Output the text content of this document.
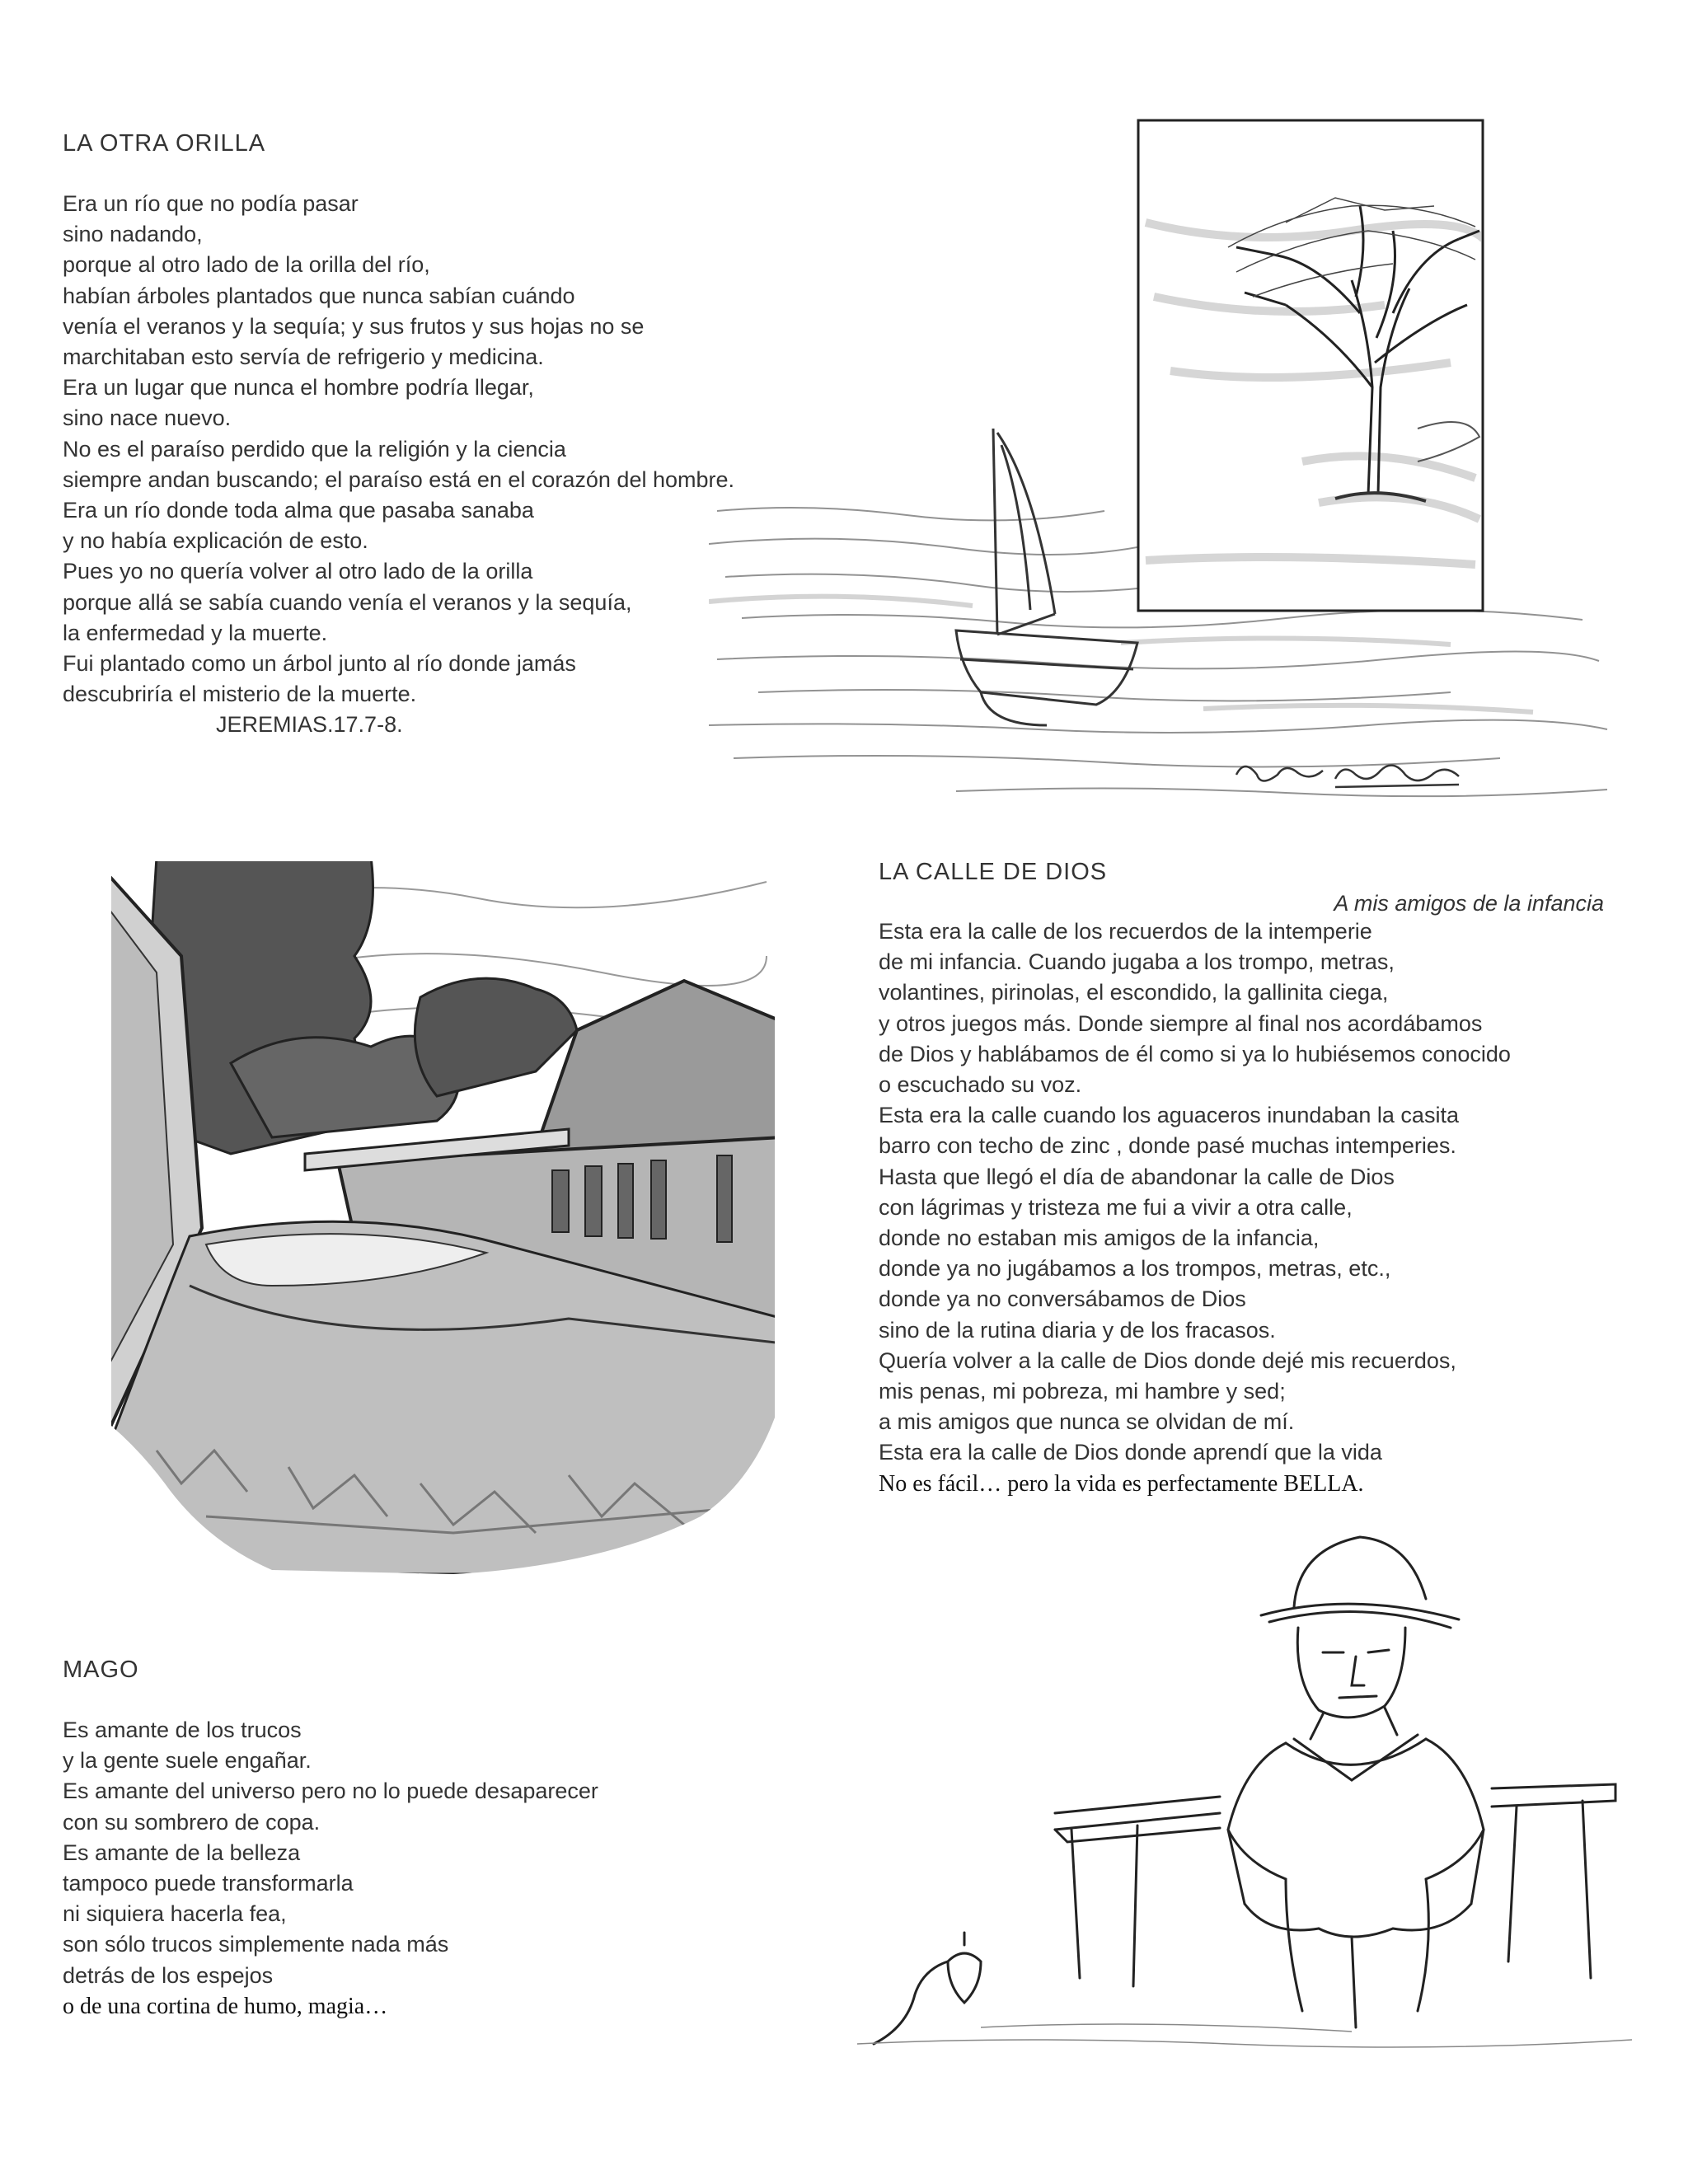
LA OTRA ORILLA
Era un río que no podía pasar
sino nadando,
porque al otro lado de la orilla del río,
habían árboles plantados que nunca sabían cuándo
venía el veranos y la sequía; y sus frutos y sus hojas no se
marchitaban esto servía de refrigerio y medicina.
Era un lugar que nunca el hombre podría llegar,
sino nace nuevo.
No es el paraíso perdido que la religión y la ciencia
siempre andan buscando; el paraíso está en el corazón del hombre.
Era un río donde toda alma que pasaba sanaba
y no había explicación de esto.
Pues yo no quería volver al otro lado de la orilla
porque allá se sabía cuando venía el veranos y la sequía,
la enfermedad y la muerte.
Fui plantado como un árbol junto al río donde jamás
descubriría el misterio de la muerte.
JEREMIAS.17.7-8.
LA CALLE DE DIOS
A mis amigos de la infancia
Esta era la calle de los recuerdos de la intemperie
de mi infancia. Cuando jugaba a los trompo, metras,
volantines, pirinolas, el escondido, la gallinita ciega,
y otros juegos más. Donde siempre al final nos acordábamos
de Dios y hablábamos de él como si ya lo hubiésemos conocido
o escuchado su voz.
Esta era la calle cuando los aguaceros inundaban la casita
barro con techo de zinc , donde pasé muchas intemperies.
Hasta que llegó el día de abandonar la calle de Dios
con lágrimas y tristeza me fui a vivir a otra calle,
donde no estaban mis amigos de la infancia,
donde ya no jugábamos a los trompos, metras, etc.,
donde ya no conversábamos de Dios
sino de la rutina diaria y de los fracasos.
Quería volver a la calle de Dios donde dejé mis recuerdos,
mis penas, mi pobreza, mi hambre y sed;
a mis amigos que nunca se olvidan de mí.
Esta era la calle de Dios donde aprendí que la vida
No es fácil… pero la vida es perfectamente BELLA.
MAGO
Es amante de los trucos
y la gente suele engañar.
Es amante del universo pero no lo puede desaparecer
con su sombrero de copa.
Es amante de la belleza
tampoco puede transformarla
ni siquiera hacerla fea,
son sólo trucos simplemente nada más
detrás de los espejos
o de una cortina de humo, magia…
